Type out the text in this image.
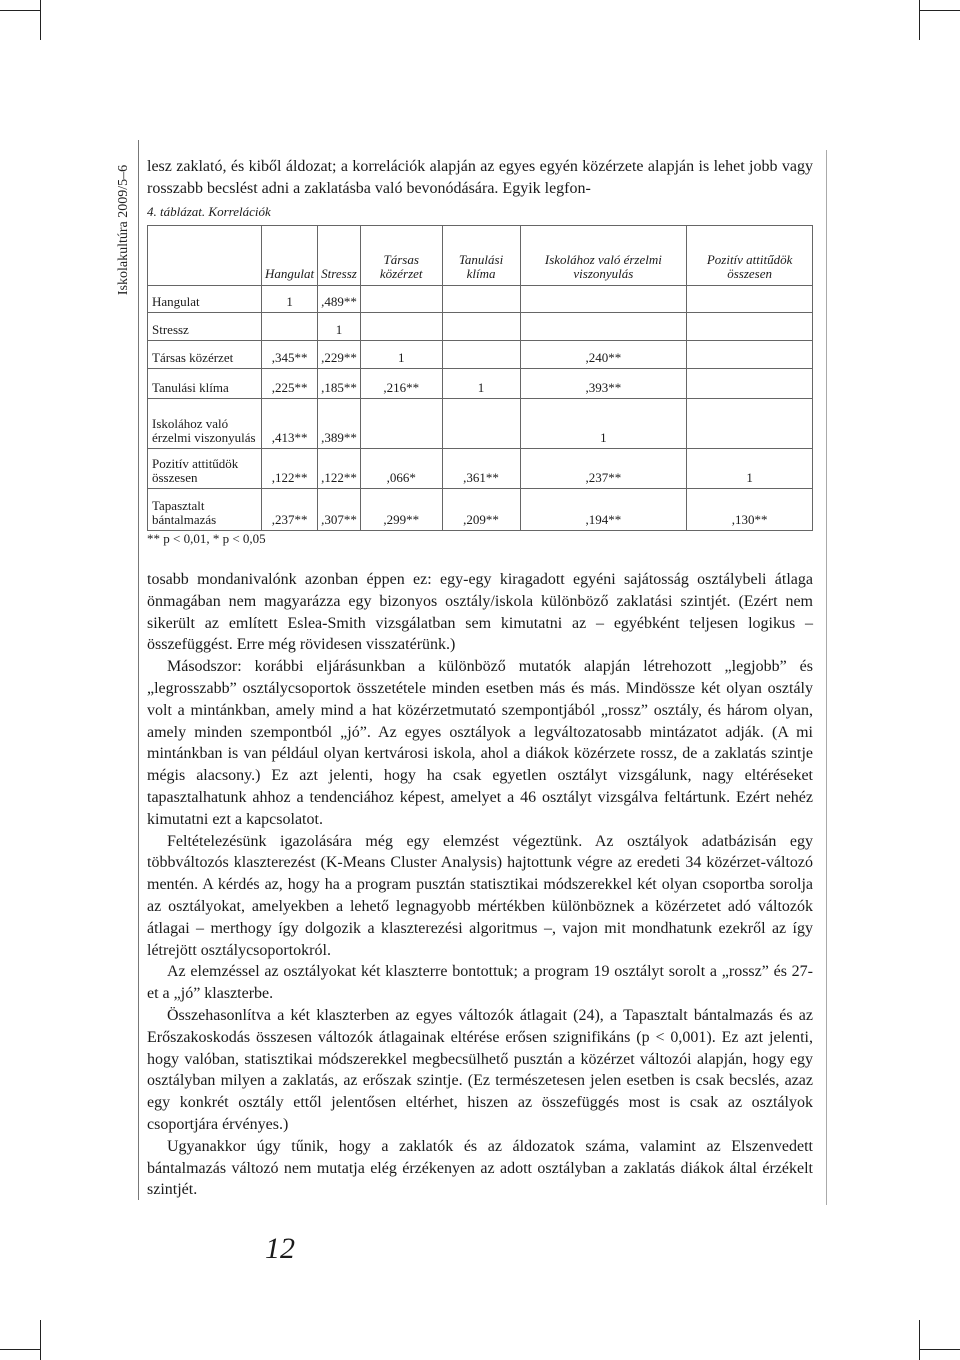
Iskolakultúra 2009/5–6 lesz zaklató, és kiből áldozat; a korrelációk alapján az egyes egyén közérzete alapján is lehet jobb vagy rosszabb becslést adni a zaklatásba való bevonódására. Egyik legfon-

4. táblázat. Korrelációk
	Hangulat	Stressz	Társas közérzet	Tanulási klíma	Iskolához való érzelmi viszonyulás	Pozitív attitűdök összesen
Hangulat	1	,489**				
Stressz		1				
Társas közérzet	,345**	,229**	1		,240**	
Tanulási klíma	,225**	,185**	,216**	1	,393**	
Iskolához való érzelmi viszonyulás	,413**	,389**			1	
Pozitív attitűdök összesen	,122**	,122**	,066*	,361**	,237**	1
Tapasztalt bántalmazás	,237**	,307**	,299**	,209**	,194**	,130**
** p < 0,01, * p < 0,05

tosabb mondanivalónk azonban éppen ez: egy-egy kiragadott egyéni sajátosság osztálybeli átlaga önmagában nem magyarázza egy bizonyos osztály/iskola különböző zaklatási szintjét. (Ezért nem sikerült az említett Eslea-Smith vizsgálatban sem kimutatni az – egyébként teljesen logikus – összefüggést. Erre még rövidesen visszatérünk.)

Másodszor: korábbi eljárásunkban a különböző mutatók alapján létrehozott „legjobb” és „legrosszabb” osztálycsoportok összetétele minden esetben más és más. Mindössze két olyan osztály volt a mintánkban, amely mind a hat közérzetmutató szempontjából „rossz” osztály, és három olyan, amely minden szempontból „jó”. Az egyes osztályok a legváltozatosabb mintázatot adják. (A mi mintánkban is van például olyan kertvárosi iskola, ahol a diákok közérzete rossz, de a zaklatás szintje mégis alacsony.) Ez azt jelenti, hogy ha csak egyetlen osztályt vizsgálunk, nagy eltéréseket tapasztalhatunk ahhoz a tendenciához képest, amelyet a 46 osztályt vizsgálva feltártunk. Ezért nehéz kimutatni ezt a kapcsolatot.

Feltételezésünk igazolására még egy elemzést végeztünk. Az osztályok adatbázisán egy többváltozós klaszterezést (K-Means Cluster Analysis) hajtottunk végre az eredeti 34 közérzet-változó mentén. A kérdés az, hogy ha a program pusztán statisztikai módszerekkel két olyan csoportba sorolja az osztályokat, amelyekben a lehető legnagyobb mértékben különböznek a közérzetet adó változók átlagai – merthogy így dolgozik a klaszterezési algoritmus –, vajon mit mondhatunk ezekről az így létrejött osztálycsoportokról.

Az elemzéssel az osztályokat két klaszterre bontottuk; a program 19 osztályt sorolt a „rossz” és 27-et a „jó” klaszterbe.

Összehasonlítva a két klaszterben az egyes változók átlagait (24), a Tapasztalt bántalmazás és az Erőszakoskodás összesen változók átlagainak eltérése erősen szignifikáns (p < 0,001). Ez azt jelenti, hogy valóban, statisztikai módszerekkel megbecsülhető pusztán a közérzet változói alapján, hogy egy osztályban milyen a zaklatás, az erőszak szintje. (Ez természetesen jelen esetben is csak becslés, azaz egy konkrét osztály ettől jelentősen eltérhet, hiszen az összefüggés most is csak az osztályok csoportjára érvényes.)

Ugyanakkor úgy tűnik, hogy a zaklatók és az áldozatok száma, valamint az Elszenvedett bántalmazás változó nem mutatja elég érzékenyen az adott osztályban a zaklatás diákok által érzékelt szintjét.

12
